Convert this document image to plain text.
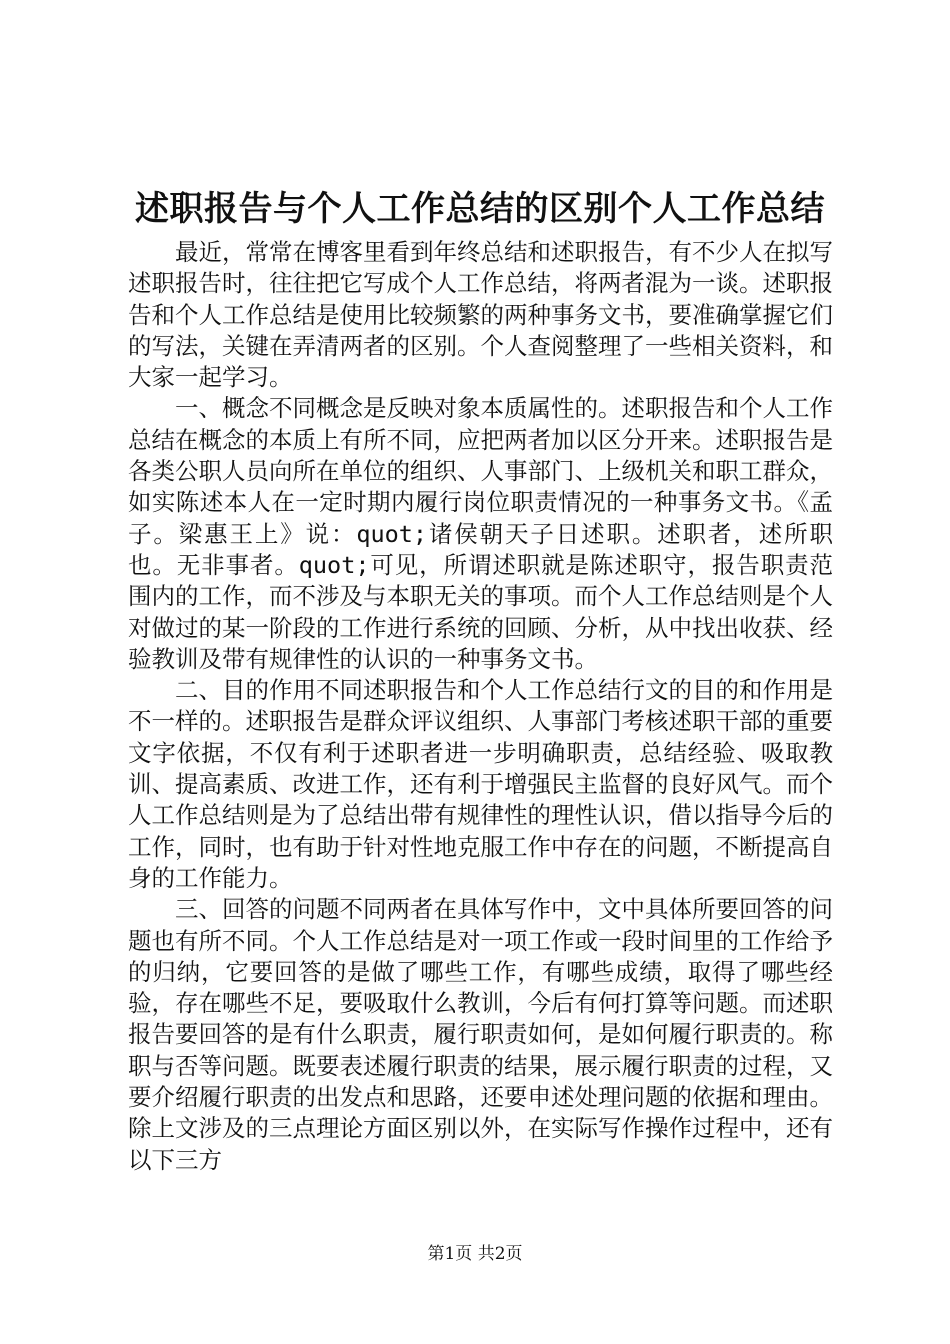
述职报告与个人工作总结的区别个人工作总结

最近，常常在博客里看到年终总结和述职报告，有不少人在拟写述职报告时，往往把它写成个人工作总结，将两者混为一谈。述职报告和个人工作总结是使用比较频繁的两种事务文书，要准确掌握它们的写法，关键在弄清两者的区别。个人查阅整理了一些相关资料，和大家一起学习。

一、概念不同概念是反映对象本质属性的。述职报告和个人工作总结在概念的本质上有所不同，应把两者加以区分开来。述职报告是各类公职人员向所在单位的组织、人事部门、上级机关和职工群众，如实陈述本人在一定时期内履行岗位职责情况的一种事务文书。《孟子。梁惠王上》说：quot;诸侯朝天子日述职。述职者，述所职也。无非事者。quot;可见，所谓述职就是陈述职守，报告职责范围内的工作，而不涉及与本职无关的事项。而个人工作总结则是个人对做过的某一阶段的工作进行系统的回顾、分析，从中找出收获、经验教训及带有规律性的认识的一种事务文书。

二、目的作用不同述职报告和个人工作总结行文的目的和作用是不一样的。述职报告是群众评议组织、人事部门考核述职干部的重要文字依据，不仅有利于述职者进一步明确职责，总结经验、吸取教训、提高素质、改进工作，还有利于增强民主监督的良好风气。而个人工作总结则是为了总结出带有规律性的理性认识，借以指导今后的工作，同时，也有助于针对性地克服工作中存在的问题，不断提高自身的工作能力。

三、回答的问题不同两者在具体写作中，文中具体所要回答的问题也有所不同。个人工作总结是对一项工作或一段时间里的工作给予的归纳，它要回答的是做了哪些工作，有哪些成绩，取得了哪些经验，存在哪些不足，要吸取什么教训，今后有何打算等问题。而述职报告要回答的是有什么职责，履行职责如何，是如何履行职责的。称职与否等问题。既要表述履行职责的结果，展示履行职责的过程，又要介绍履行职责的出发点和思路，还要申述处理问题的依据和理由。除上文涉及的三点理论方面区别以外，在实际写作操作过程中，还有以下三方

第1页 共2页
